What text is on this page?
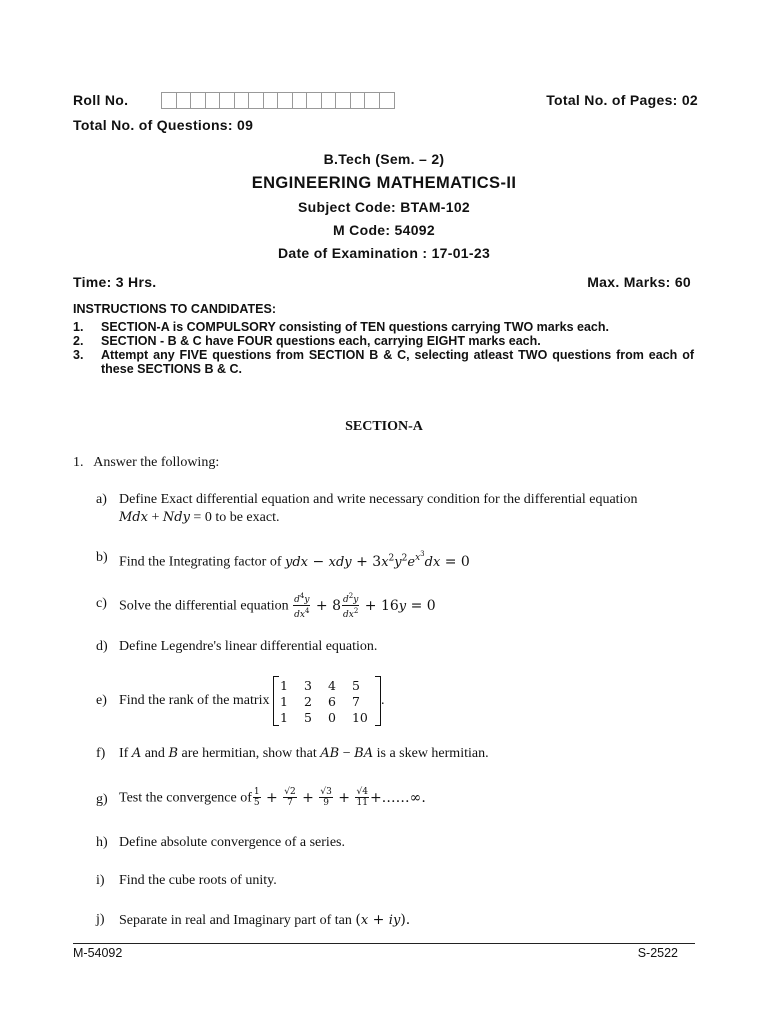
Roll No.	Total No. of Pages: 02
Total No. of Questions: 09
B.Tech (Sem. – 2)
ENGINEERING MATHEMATICS-II
Subject Code: BTAM-102
M Code: 54092
Date of Examination : 17-01-23
Time: 3 Hrs.	Max. Marks: 60
INSTRUCTIONS TO CANDIDATES:
1.	SECTION-A is COMPULSORY consisting of TEN questions carrying TWO marks each.
2.	SECTION - B & C have FOUR questions each, carrying EIGHT marks each.
3.	Attempt any FIVE questions from SECTION B & C, selecting atleast TWO questions from each of these SECTIONS B & C.
SECTION-A
1.   Answer the following:
a) Define Exact differential equation and write necessary condition for the differential equation
Mdx + Ndy = 0 to be exact.
b) Find the Integrating factor of ydx − xdy + $3x^2y^2e^{x^3}dx = 0$
c) Solve the differential equation $\frac{d^4y}{dx^4} + 8 \frac{d^2y}{dx^2} + 16y = 0$
d) Define Legendre's linear differential equation.
e) Find the rank of the matrix
1	3	4	5
1	2	6	7
1	5	0	10
.
f) If A and B are hermitian, show that AB − BA is a skew hermitian.
g) Test the convergence of $\frac{1}{5} + \frac{√2}{7} + \frac{√3}{9} + \frac{√4}{11}$ +……∞.
h) Define absolute convergence of a series.
i) Find the cube roots of unity.
j) Separate in real and Imaginary part of tan (x + iy).
M-54092	S-2522
